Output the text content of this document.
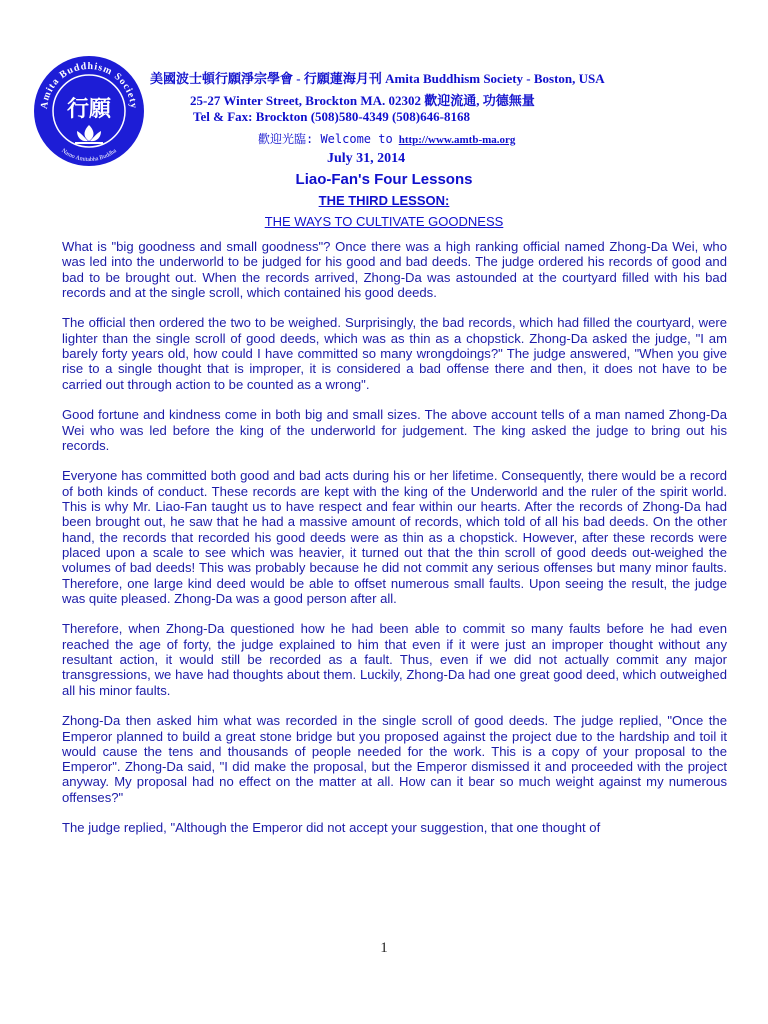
Amita Buddhism Society
Namo Amitabha Buddha
行願
美國波士頓行願淨宗學會 - 行願蓮海月刊 Amita Buddhism Society - Boston, USA
25-27 Winter Street, Brockton MA. 02302 歡迎流通, 功德無量
Tel & Fax: Brockton (508)580-4349 (508)646-8168
歡迎光臨: Welcome to http://www.amtb-ma.org
July 31, 2014
Liao-Fan's Four Lessons
THE THIRD LESSON:
THE WAYS TO CULTIVATE GOODNESS

What is "big goodness and small goodness"? Once there was a high ranking official named Zhong-Da Wei, who was led into the underworld to be judged for his good and bad deeds. The judge ordered his records of good and bad to be brought out. When the records arrived, Zhong-Da was astounded at the courtyard filled with his bad records and at the single scroll, which contained his good deeds.

The official then ordered the two to be weighed. Surprisingly, the bad records, which had filled the courtyard, were lighter than the single scroll of good deeds, which was as thin as a chopstick. Zhong-Da asked the judge, "I am barely forty years old, how could I have committed so many wrongdoings?" The judge answered, "When you give rise to a single thought that is improper, it is considered a bad offense there and then, it does not have to be carried out through action to be counted as a wrong".

Good fortune and kindness come in both big and small sizes. The above account tells of a man named Zhong-Da Wei who was led before the king of the underworld for judgement. The king asked the judge to bring out his records.

Everyone has committed both good and bad acts during his or her lifetime. Consequently, there would be a record of both kinds of conduct. These records are kept with the king of the Underworld and the ruler of the spirit world. This is why Mr. Liao-Fan taught us to have respect and fear within our hearts. After the records of Zhong-Da had been brought out, he saw that he had a massive amount of records, which told of all his bad deeds. On the other hand, the records that recorded his good deeds were as thin as a chopstick. However, after these records were placed upon a scale to see which was heavier, it turned out that the thin scroll of good deeds out-weighed the volumes of bad deeds! This was probably because he did not commit any serious offenses but many minor faults. Therefore, one large kind deed would be able to offset numerous small faults. Upon seeing the result, the judge was quite pleased. Zhong-Da was a good person after all.

Therefore, when Zhong-Da questioned how he had been able to commit so many faults before he had even reached the age of forty, the judge explained to him that even if it were just an improper thought without any resultant action, it would still be recorded as a fault. Thus, even if we did not actually commit any major transgressions, we have had thoughts about them. Luckily, Zhong-Da had one great good deed, which outweighed all his minor faults.

Zhong-Da then asked him what was recorded in the single scroll of good deeds. The judge replied, "Once the Emperor planned to build a great stone bridge but you proposed against the project due to the hardship and toil it would cause the tens and thousands of people needed for the work. This is a copy of your proposal to the Emperor". Zhong-Da said, "I did make the proposal, but the Emperor dismissed it and proceeded with the project anyway. My proposal had no effect on the matter at all. How can it bear so much weight against my numerous offenses?"

The judge replied, "Although the Emperor did not accept your suggestion, that one thought of

1
